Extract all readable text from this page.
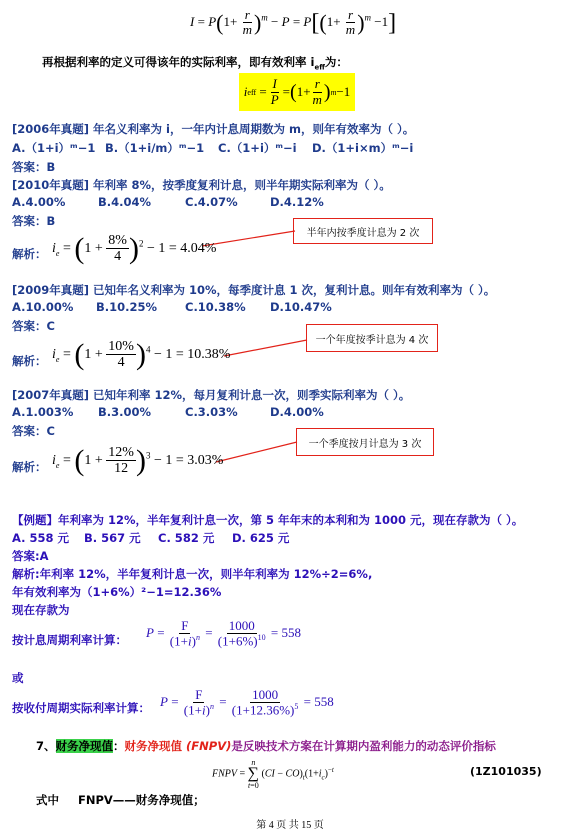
$I = P(1+ \frac{r}{m} )^m - P = P[(1+ \frac{r}{m} )^m -1]$
再根据利率的定义可得该年的实际利率，即有效利率 $i_{eff}$为：
i eff = $\frac{I}{P}$ = ( $1+ \frac{r}{m}$ ) m −1
[2006年真题] 年名义利率为 i，一年内计息周期数为 m，则年有效率为（ ）。
A.（1+i）ᵐ−1 B.（1+i/m）ᵐ−1 C.（1+i）ᵐ−i D.（1+i×m）ᵐ−i
答案：B
[2010年真题] 年利率 8%，按季度复利计息，则半年期实际利率为（ ）。
A.4.00%	B.4.04%	C.4.07%	D.4.12%
答案：B
半年内按季度计息为 2 次
解析： $i_e = (1 + \frac{8\%}{4} )^2 - 1 = 4.04\%$
[2009年真题] 已知年名义利率为 10%，每季度计息 1 次，复利计息。则年有效利率为（ ）。
A.10.00% B.10.25% C.10.38% D.10.47%
答案：C
一个年度按季计息为 4 次
解析： $i_e = (1 + \frac{10\%}{4} )^4 - 1 = 10.38\%$
[2007年真题] 已知年利率 12%，每月复利计息一次，则季实际利率为（ ）。
A.1.003% B.3.00%	C.3.03%	D.4.00%
答案：C
一个季度按月计息为 3 次
解析： $i_e = (1 + \frac{12\%}{12} )^3 - 1 = 3.03\%$
【例题】年利率为 12%，半年复利计息一次，第 5 年年末的本利和为 1000 元，现在存款为（ ）。
A. 558 元 B. 567 元 C. 582 元 D. 625 元
答案:A
解析:年利率 12%，半年复利计息一次，则半年利率为 12%÷2=6%,
年有效利率为（1+6%）²−1=12.36%
现在存款为
按计息周期利率计算：
$P = \frac{F}{(1+i)^n} = \frac{1000}{(1+6\%)^{10}} = 558$
或
按收付周期实际利率计算： $P = \frac{F}{(1+i)^n} = \frac{1000}{(1+12.36\%)^5} = 558$
7、财务净现值：财务净现值 (FNPV)是反映技术方案在计算期内盈利能力的动态评价指标
FNPV =
n
∑
t=0
$(CI - CO)_t(1+i_c)^{-t}$	(1Z101035)
式中 FNPV——财务净现值；
第 4 页 共 15 页
